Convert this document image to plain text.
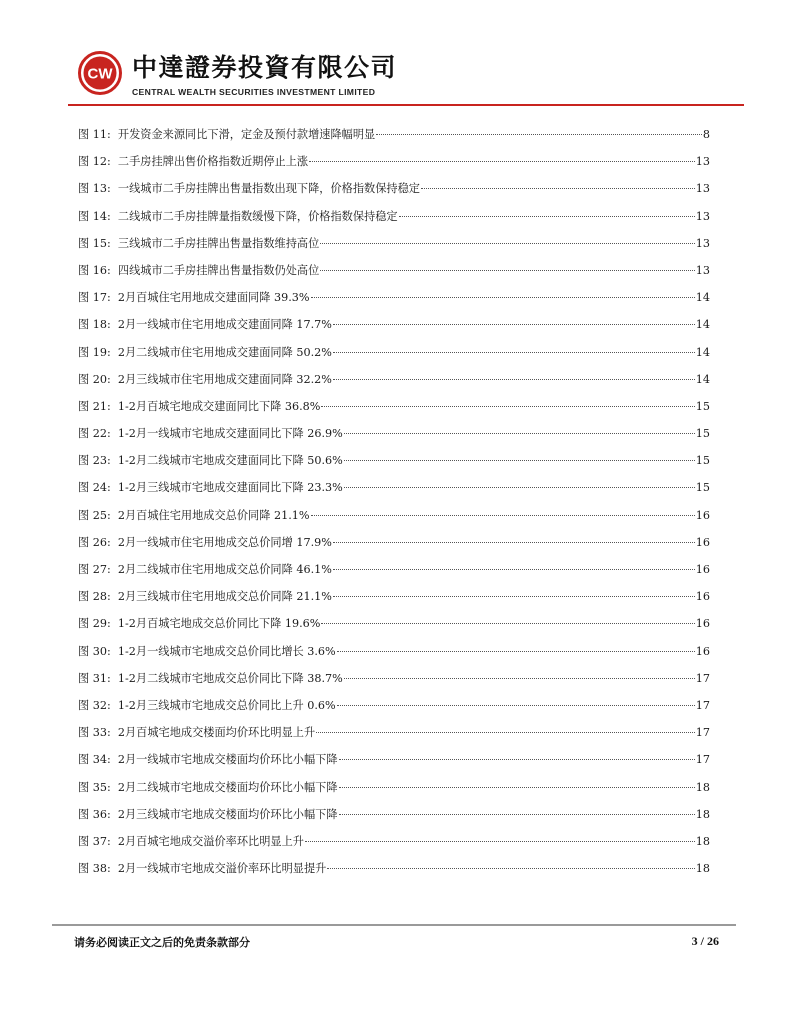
CW 中達證券投資有限公司
CENTRAL WEALTH SECURITIES INVESTMENT LIMITED
图 11:
开发资金来源同比下滑，定金及预付款增速降幅明显	8
图 12:
二手房挂牌出售价格指数近期停止上涨	13
图 13:
一线城市二手房挂牌出售量指数出现下降，价格指数保持稳定	13
图 14:
二线城市二手房挂牌量指数缓慢下降，价格指数保持稳定	13
图 15:
三线城市二手房挂牌出售量指数维持高位	13
图 16:
四线城市二手房挂牌出售量指数仍处高位	13
图 17:
2月百城住宅用地成交建面同降 39.3%	14
图 18:
2月一线城市住宅用地成交建面同降 17.7%	14
图 19:
2月二线城市住宅用地成交建面同降 50.2%	14
图 20:
2月三线城市住宅用地成交建面同降 32.2%	14
图 21:
1-2月百城宅地成交建面同比下降 36.8%	15
图 22:
1-2月一线城市宅地成交建面同比下降 26.9%	15
图 23:
1-2月二线城市宅地成交建面同比下降 50.6%	15
图 24:
1-2月三线城市宅地成交建面同比下降 23.3%	15
图 25:
2月百城住宅用地成交总价同降 21.1%	16
图 26:
2月一线城市住宅用地成交总价同增 17.9%	16
图 27:
2月二线城市住宅用地成交总价同降 46.1%	16
图 28:
2月三线城市住宅用地成交总价同降 21.1%	16
图 29:
1-2月百城宅地成交总价同比下降 19.6%	16
图 30:
1-2月一线城市宅地成交总价同比增长 3.6%	16
图 31:
1-2月二线城市宅地成交总价同比下降 38.7%	17
图 32:
1-2月三线城市宅地成交总价同比上升 0.6%	17
图 33:
2月百城宅地成交楼面均价环比明显上升	17
图 34:
2月一线城市宅地成交楼面均价环比小幅下降	17
图 35:
2月二线城市宅地成交楼面均价环比小幅下降	18
图 36:
2月三线城市宅地成交楼面均价环比小幅下降	18
图 37:
2月百城宅地成交溢价率环比明显上升	18
图 38:
2月一线城市宅地成交溢价率环比明显提升	18
请务必阅读正文之后的免责条款部分	3 / 26
